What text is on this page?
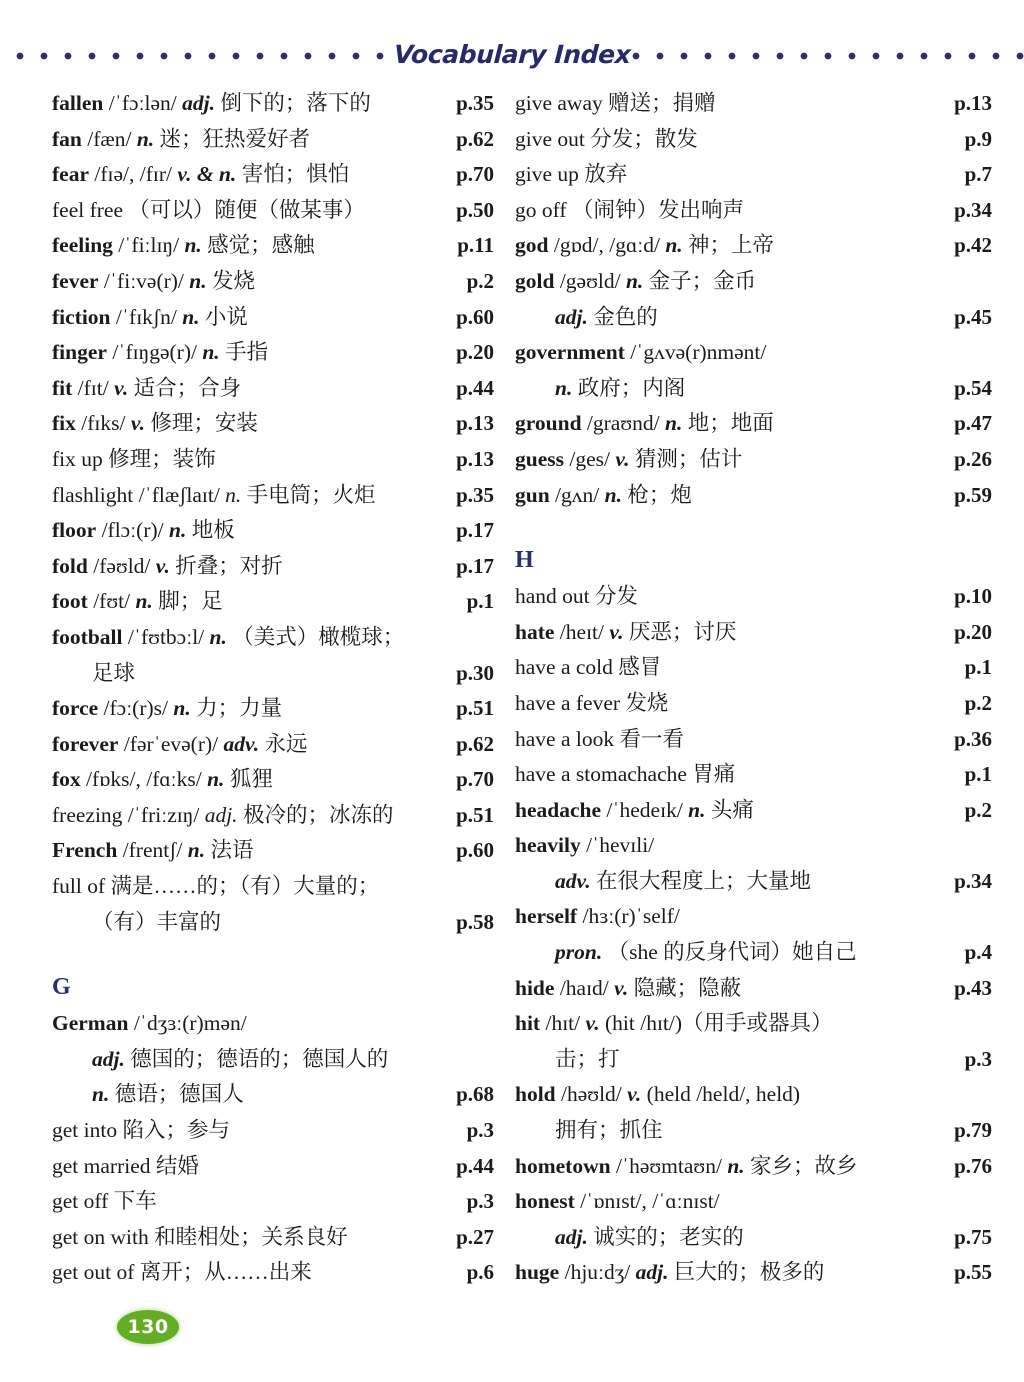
Vocabulary Index
fallen /ˈfɔːlən/ adj. 倒下的；落下的	p.35
fan /fæn/ n. 迷；狂热爱好者	p.62
fear /fɪə/, /fɪr/ v. & n. 害怕；惧怕	p.70
feel free （可以）随便（做某事）	p.50
feeling /ˈfiːlɪŋ/ n. 感觉；感触	p.11
fever /ˈfiːvə(r)/ n. 发烧	p.2
fiction /ˈfɪkʃn/ n. 小说	p.60
finger /ˈfɪŋgə(r)/ n. 手指	p.20
fit /fɪt/ v. 适合；合身	p.44
fix /fɪks/ v. 修理；安装	p.13
fix up 修理；装饰	p.13
flashlight /ˈflæʃlaɪt/ n. 手电筒；火炬	p.35
floor /flɔː(r)/ n. 地板	p.17
fold /fəʊld/ v. 折叠；对折	p.17
foot /fʊt/ n. 脚；足	p.1
football /ˈfʊtbɔːl/ n. （美式）橄榄球；
足球	p.30
force /fɔː(r)s/ n. 力；力量	p.51
forever /fərˈevə(r)/ adv. 永远	p.62
fox /fɒks/, /fɑːks/ n. 狐狸	p.70
freezing /ˈfriːzɪŋ/ adj. 极冷的；冰冻的	p.51
French /frentʃ/ n. 法语	p.60
full of 满是……的；（有）大量的；
（有）丰富的	p.58
G
German /ˈdʒɜː(r)mən/
adj. 德国的；德语的；德国人的
n. 德语；德国人	p.68
get into 陷入；参与	p.3
get married 结婚	p.44
get off 下车	p.3
get on with 和睦相处；关系良好	p.27
get out of 离开；从……出来	p.6
give away 赠送；捐赠	p.13
give out 分发；散发	p.9
give up 放弃	p.7
go off （闹钟）发出响声	p.34
god /gɒd/, /gɑːd/ n. 神；上帝	p.42
gold /gəʊld/ n. 金子；金币
adj. 金色的	p.45
government /ˈgʌvə(r)nmənt/
n. 政府；内阁	p.54
ground /graʊnd/ n. 地；地面	p.47
guess /ges/ v. 猜测；估计	p.26
gun /gʌn/ n. 枪；炮	p.59
H
hand out 分发	p.10
hate /heɪt/ v. 厌恶；讨厌	p.20
have a cold 感冒	p.1
have a fever 发烧	p.2
have a look 看一看	p.36
have a stomachache 胃痛	p.1
headache /ˈhedeɪk/ n. 头痛	p.2
heavily /ˈhevɪli/
adv. 在很大程度上；大量地	p.34
herself /hɜː(r)ˈself/
pron. （she 的反身代词）她自己	p.4
hide /haɪd/ v. 隐藏；隐蔽	p.43
hit /hɪt/ v. (hit /hɪt/)（用手或器具）
击；打	p.3
hold /həʊld/ v. (held /held/, held)
拥有；抓住	p.79
hometown /ˈhəʊmtaʊn/ n. 家乡；故乡	p.76
honest /ˈɒnɪst/, /ˈɑːnɪst/
adj. 诚实的；老实的	p.75
huge /hjuːdʒ/ adj. 巨大的；极多的	p.55
130
